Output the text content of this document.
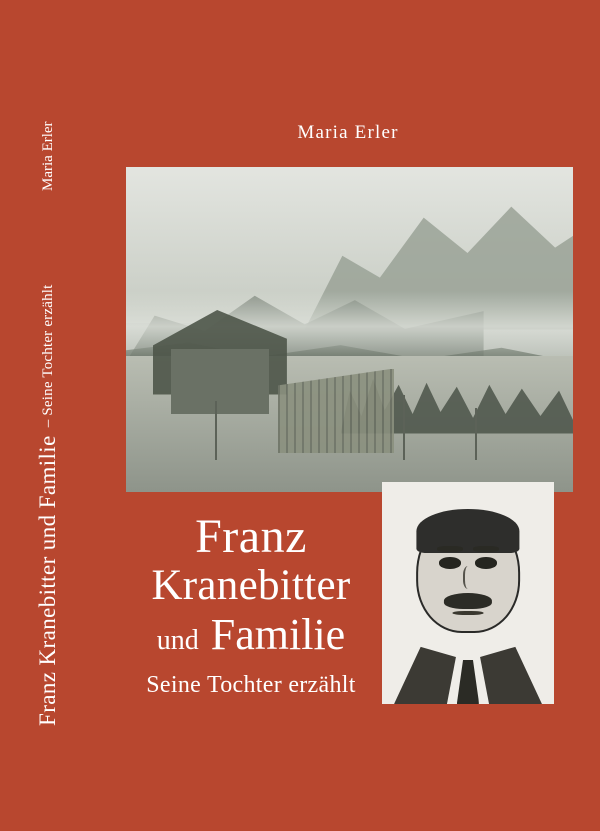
Franz Kranebitter und Familie
– Seine Tochter erzählt
Maria Erler	Maria Erler
Franz
Kranebitter
und Familie
Seine Tochter erzählt
